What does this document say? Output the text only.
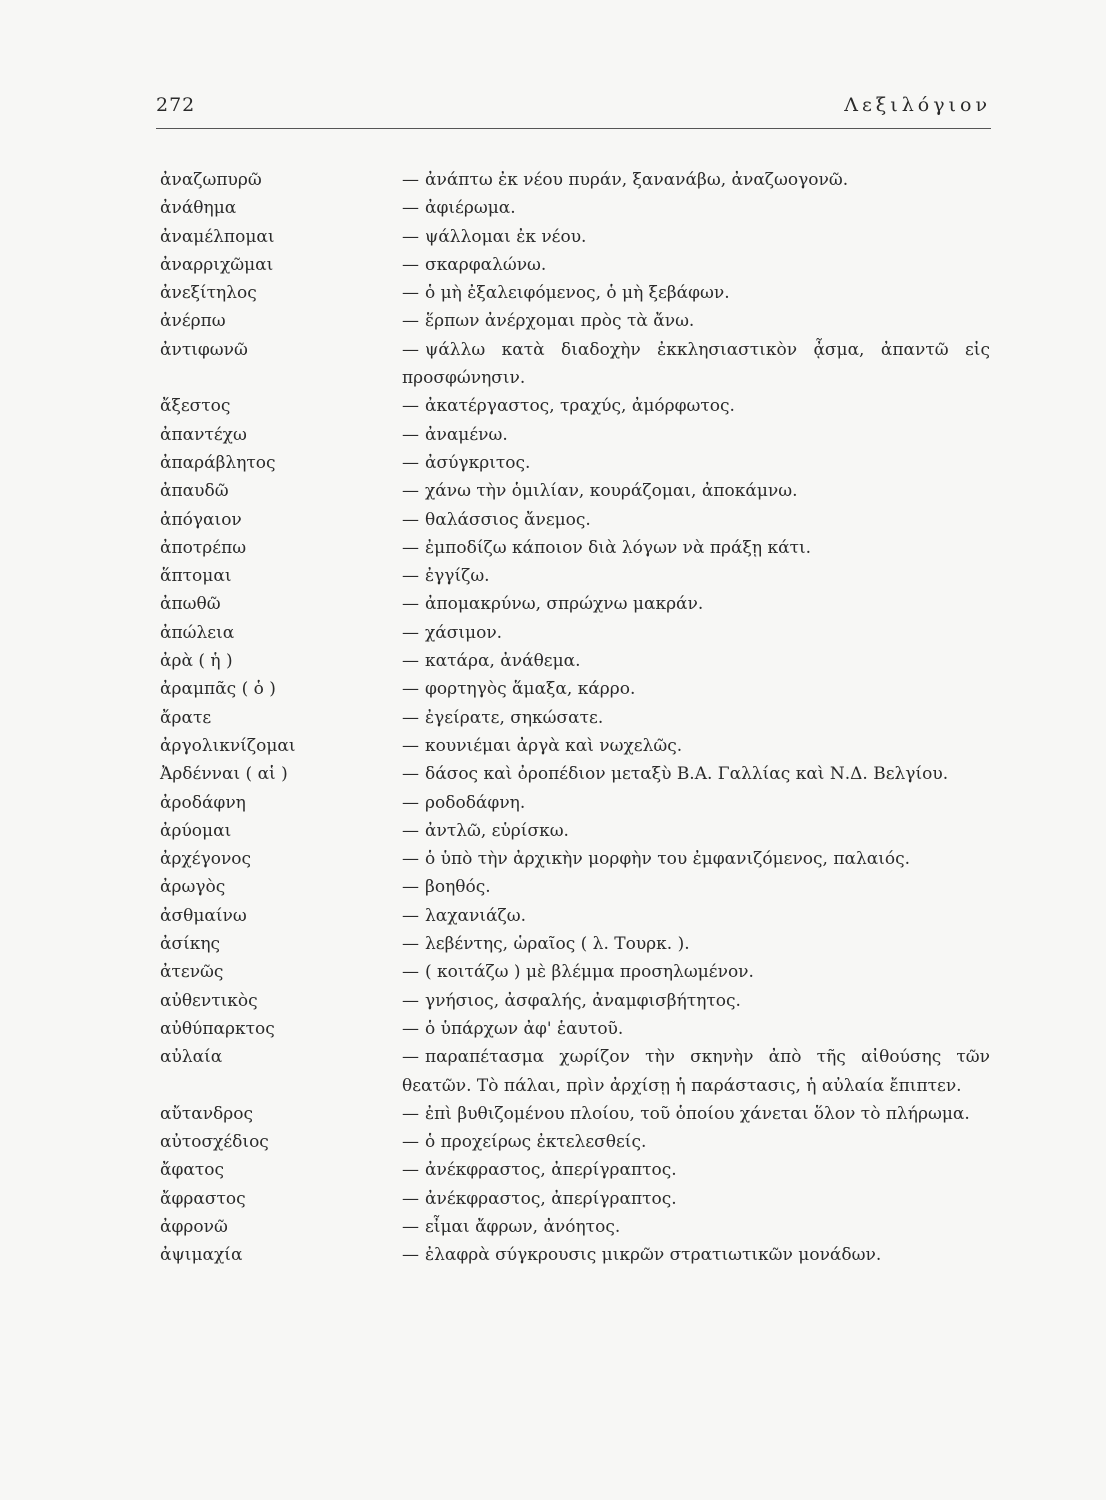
272	Λεξιλόγιον
ἀναζωπυρῶ	— ἀνάπτω ἐκ νέου πυράν, ξανανάβω, ἀναζωογονῶ.
ἀνάθημα	— ἀφιέρωμα.
ἀναμέλπομαι	— ψάλλομαι ἐκ νέου.
ἀναρριχῶμαι	— σκαρφαλώνω.
ἀνεξίτηλος	— ὁ μὴ ἐξαλειφόμενος, ὁ μὴ ξεβάφων.
ἀνέρπω	— ἕρπων ἀνέρχομαι πρὸς τὰ ἄνω.
ἀντιφωνῶ	— ψάλλω κατὰ διαδοχὴν ἐκκλησιαστικὸν ᾆσμα, ἀπαντῶ εἰς προσφώνησιν.
ἄξεστος	— ἀκατέργαστος, τραχύς, ἀμόρφωτος.
ἀπαντέχω	— ἀναμένω.
ἀπαράβλητος	— ἀσύγκριτος.
ἀπαυδῶ	— χάνω τὴν ὁμιλίαν, κουράζομαι, ἀποκάμνω.
ἀπόγαιον	— θαλάσσιος ἄνεμος.
ἀποτρέπω	— ἐμποδίζω κάποιον διὰ λόγων νὰ πράξῃ κάτι.
ἅπτομαι	— ἐγγίζω.
ἀπωθῶ	— ἀπομακρύνω, σπρώχνω μακράν.
ἀπώλεια	— χάσιμον.
ἀρὰ ( ἡ )	— κατάρα, ἀνάθεμα.
ἀραμπᾶς ( ὁ )	— φορτηγὸς ἅμαξα, κάρρο.
ἄρατε	— ἐγείρατε, σηκώσατε.
ἀργολικνίζομαι	— κουνιέμαι ἀργὰ καὶ νωχελῶς.
Ἀρδένναι ( αἱ )	— δάσος καὶ ὀροπέδιον μεταξὺ Β.Α. Γαλλίας καὶ Ν.Δ. Βελγίου.
ἀροδάφνη	— ροδοδάφνη.
ἀρύομαι	— ἀντλῶ, εὑρίσκω.
ἀρχέγονος	— ὁ ὑπὸ τὴν ἀρχικὴν μορφὴν του ἐμφανιζόμενος, παλαιός.
ἀρωγὸς	— βοηθός.
ἀσθμαίνω	— λαχανιάζω.
ἀσίκης	— λεβέντης, ὡραῖος ( λ. Τουρκ. ).
ἀτενῶς	— ( κοιτάζω ) μὲ βλέμμα προσηλωμένον.
αὐθεντικὸς	— γνήσιος, ἀσφαλής, ἀναμφισβήτητος.
αὐθύπαρκτος	— ὁ ὑπάρχων ἀφ' ἑαυτοῦ.
αὐλαία	— παραπέτασμα χωρίζον τὴν σκηνὴν ἀπὸ τῆς αἰθούσης τῶν θεατῶν. Τὸ πάλαι, πρὶν ἀρχίσῃ ἡ παράστασις, ἡ αὐλαία ἔπιπτεν.
αὔτανδρος	— ἐπὶ βυθιζομένου πλοίου, τοῦ ὁποίου χάνεται ὅλον τὸ πλήρωμα.
αὐτοσχέδιος	— ὁ προχείρως ἐκτελεσθείς.
ἄφατος	— ἀνέκφραστος, ἀπερίγραπτος.
ἄφραστος	— ἀνέκφραστος, ἀπερίγραπτος.
ἀφρονῶ	— εἶμαι ἄφρων, ἀνόητος.
ἀψιμαχία	— ἐλαφρὰ σύγκρουσις μικρῶν στρατιωτικῶν μονάδων.
